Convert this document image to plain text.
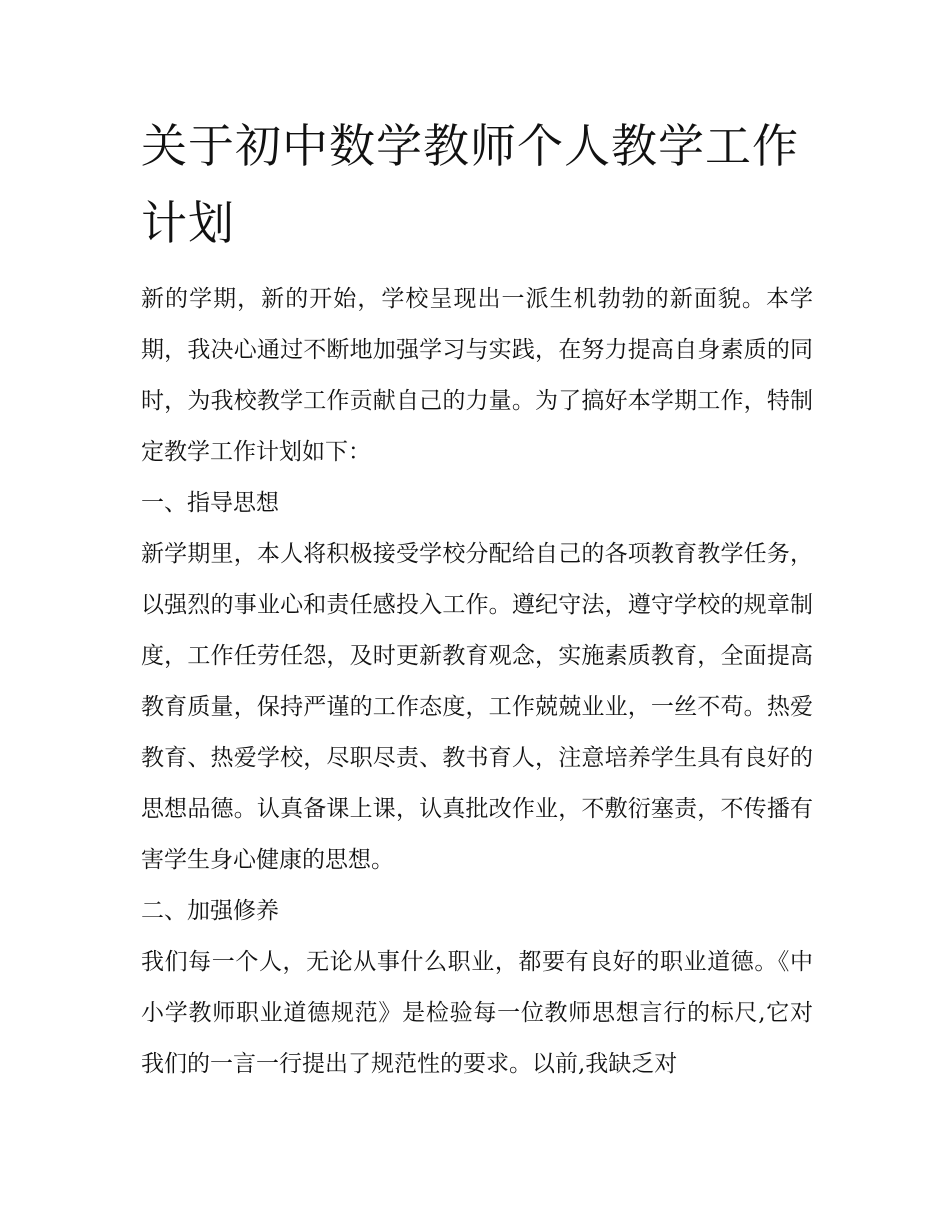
关于初中数学教师个人教学工作计划

新的学期，新的开始，学校呈现出一派生机勃勃的新面貌。本学期，我决心通过不断地加强学习与实践，在努力提高自身素质的同时，为我校教学工作贡献自己的力量。为了搞好本学期工作，特制定教学工作计划如下：

一、指导思想

新学期里，本人将积极接受学校分配给自己的各项教育教学任务，以强烈的事业心和责任感投入工作。遵纪守法，遵守学校的规章制度，工作任劳任怨，及时更新教育观念，实施素质教育，全面提高教育质量，保持严谨的工作态度，工作兢兢业业，一丝不苟。热爱教育、热爱学校，尽职尽责、教书育人，注意培养学生具有良好的思想品德。认真备课上课，认真批改作业，不敷衍塞责，不传播有害学生身心健康的思想。

二、加强修养

我们每一个人，无论从事什么职业，都要有良好的职业道德。《中小学教师职业道德规范》是检验每一位教师思想言行的标尺,它对我们的一言一行提出了规范性的要求。以前,我缺乏对
